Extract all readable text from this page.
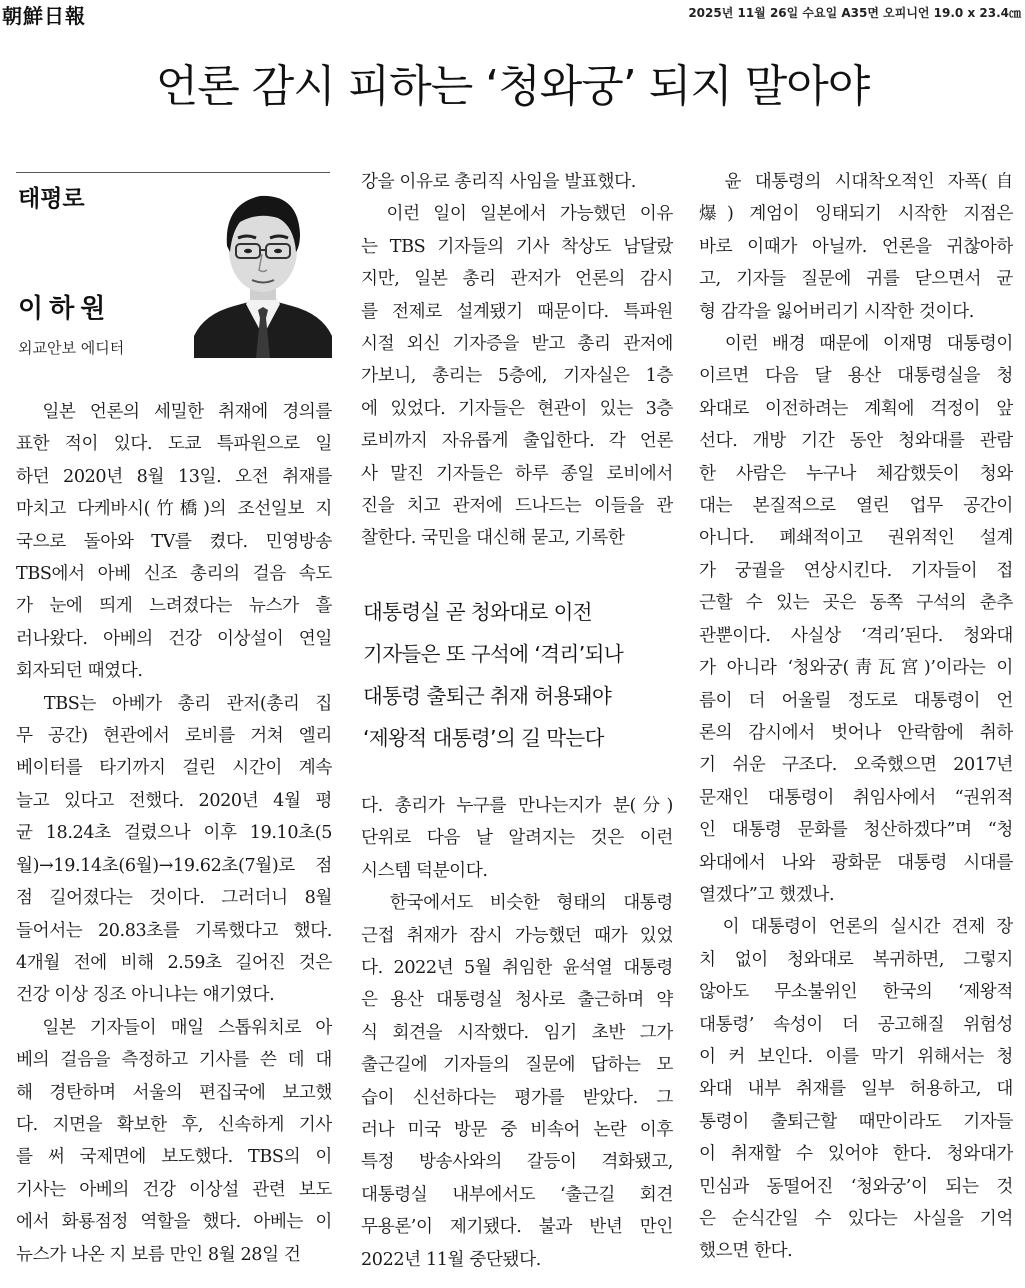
朝鮮日報	2025년 11월 26일 수요일 A35면 오피니언 19.0 x 23.4㎝
언론 감시 피하는 ‘청와궁’ 되지 말아야
태평로
이하원
외교안보 에디터

　일본 언론의 세밀한 취재에 경의를

표한 적이 있다. 도쿄 특파원으로 일

하던 2020년 8월 13일. 오전 취재를

마치고 다케바시(竹橋)의 조선일보 지

국으로 돌아와 TV를 켰다. 민영방송

TBS에서 아베 신조 총리의 걸음 속도

가 눈에 띄게 느려졌다는 뉴스가 흘

러나왔다. 아베의 건강 이상설이 연일

회자되던 때였다.

　TBS는 아베가 총리 관저(총리 집

무 공간) 현관에서 로비를 거쳐 엘리

베이터를 타기까지 걸린 시간이 계속

늘고 있다고 전했다. 2020년 4월 평

균 18.24초 걸렸으나 이후 19.10초(5

월)→19.14초(6월)→19.62초(7월)로 점

점 길어졌다는 것이다. 그러더니 8월

들어서는 20.83초를 기록했다고 했다.

4개월 전에 비해 2.59초 길어진 것은

건강 이상 징조 아니냐는 얘기였다.

　일본 기자들이 매일 스톱워치로 아

베의 걸음을 측정하고 기사를 쓴 데 대

해 경탄하며 서울의 편집국에 보고했

다. 지면을 확보한 후, 신속하게 기사

를 써 국제면에 보도했다. TBS의 이

기사는 아베의 건강 이상설 관련 보도

에서 화룡점정 역할을 했다. 아베는 이

뉴스가 나온 지 보름 만인 8월 28일 건

강을 이유로 총리직 사임을 발표했다.

　이런 일이 일본에서 가능했던 이유

는 TBS 기자들의 기사 착상도 남달랐

지만, 일본 총리 관저가 언론의 감시

를 전제로 설계됐기 때문이다. 특파원

시절 외신 기자증을 받고 총리 관저에

가보니, 총리는 5층에, 기자실은 1층

에 있었다. 기자들은 현관이 있는 3층

로비까지 자유롭게 출입한다. 각 언론

사 말진 기자들은 하루 종일 로비에서

진을 치고 관저에 드나드는 이들을 관

찰한다. 국민을 대신해 묻고, 기록한

대통령실 곧 청와대로 이전
기자들은 또 구석에 ‘격리’되나
대통령 출퇴근 취재 허용돼야
‘제왕적 대통령’의 길 막는다

다. 총리가 누구를 만나는지가 분(分)

단위로 다음 날 알려지는 것은 이런

시스템 덕분이다.

　한국에서도 비슷한 형태의 대통령

근접 취재가 잠시 가능했던 때가 있었

다. 2022년 5월 취임한 윤석열 대통령

은 용산 대통령실 청사로 출근하며 약

식 회견을 시작했다. 임기 초반 그가

출근길에 기자들의 질문에 답하는 모

습이 신선하다는 평가를 받았다. 그

러나 미국 방문 중 비속어 논란 이후

특정 방송사와의 갈등이 격화됐고,

대통령실 내부에서도 ‘출근길 회견

무용론’이 제기됐다. 불과 반년 만인

2022년 11월 중단됐다.

　윤 대통령의 시대착오적인 자폭(自

爆) 계엄이 잉태되기 시작한 지점은

바로 이때가 아닐까. 언론을 귀찮아하

고, 기자들 질문에 귀를 닫으면서 균

형 감각을 잃어버리기 시작한 것이다.

　이런 배경 때문에 이재명 대통령이

이르면 다음 달 용산 대통령실을 청

와대로 이전하려는 계획에 걱정이 앞

선다. 개방 기간 동안 청와대를 관람

한 사람은 누구나 체감했듯이 청와

대는 본질적으로 열린 업무 공간이

아니다. 폐쇄적이고 권위적인 설계

가 궁궐을 연상시킨다. 기자들이 접

근할 수 있는 곳은 동쪽 구석의 춘추

관뿐이다. 사실상 ‘격리’된다. 청와대

가 아니라 ‘청와궁(靑瓦宮)’이라는 이

름이 더 어울릴 정도로 대통령이 언

론의 감시에서 벗어나 안락함에 취하

기 쉬운 구조다. 오죽했으면 2017년

문재인 대통령이 취임사에서 “권위적

인 대통령 문화를 청산하겠다”며 “청

와대에서 나와 광화문 대통령 시대를

열겠다”고 했겠나.

　이 대통령이 언론의 실시간 견제 장

치 없이 청와대로 복귀하면, 그렇지

않아도 무소불위인 한국의 ‘제왕적

대통령’ 속성이 더 공고해질 위험성

이 커 보인다. 이를 막기 위해서는 청

와대 내부 취재를 일부 허용하고, 대

통령이 출퇴근할 때만이라도 기자들

이 취재할 수 있어야 한다. 청와대가

민심과 동떨어진 ‘청와궁’이 되는 것

은 순식간일 수 있다는 사실을 기억

했으면 한다.
